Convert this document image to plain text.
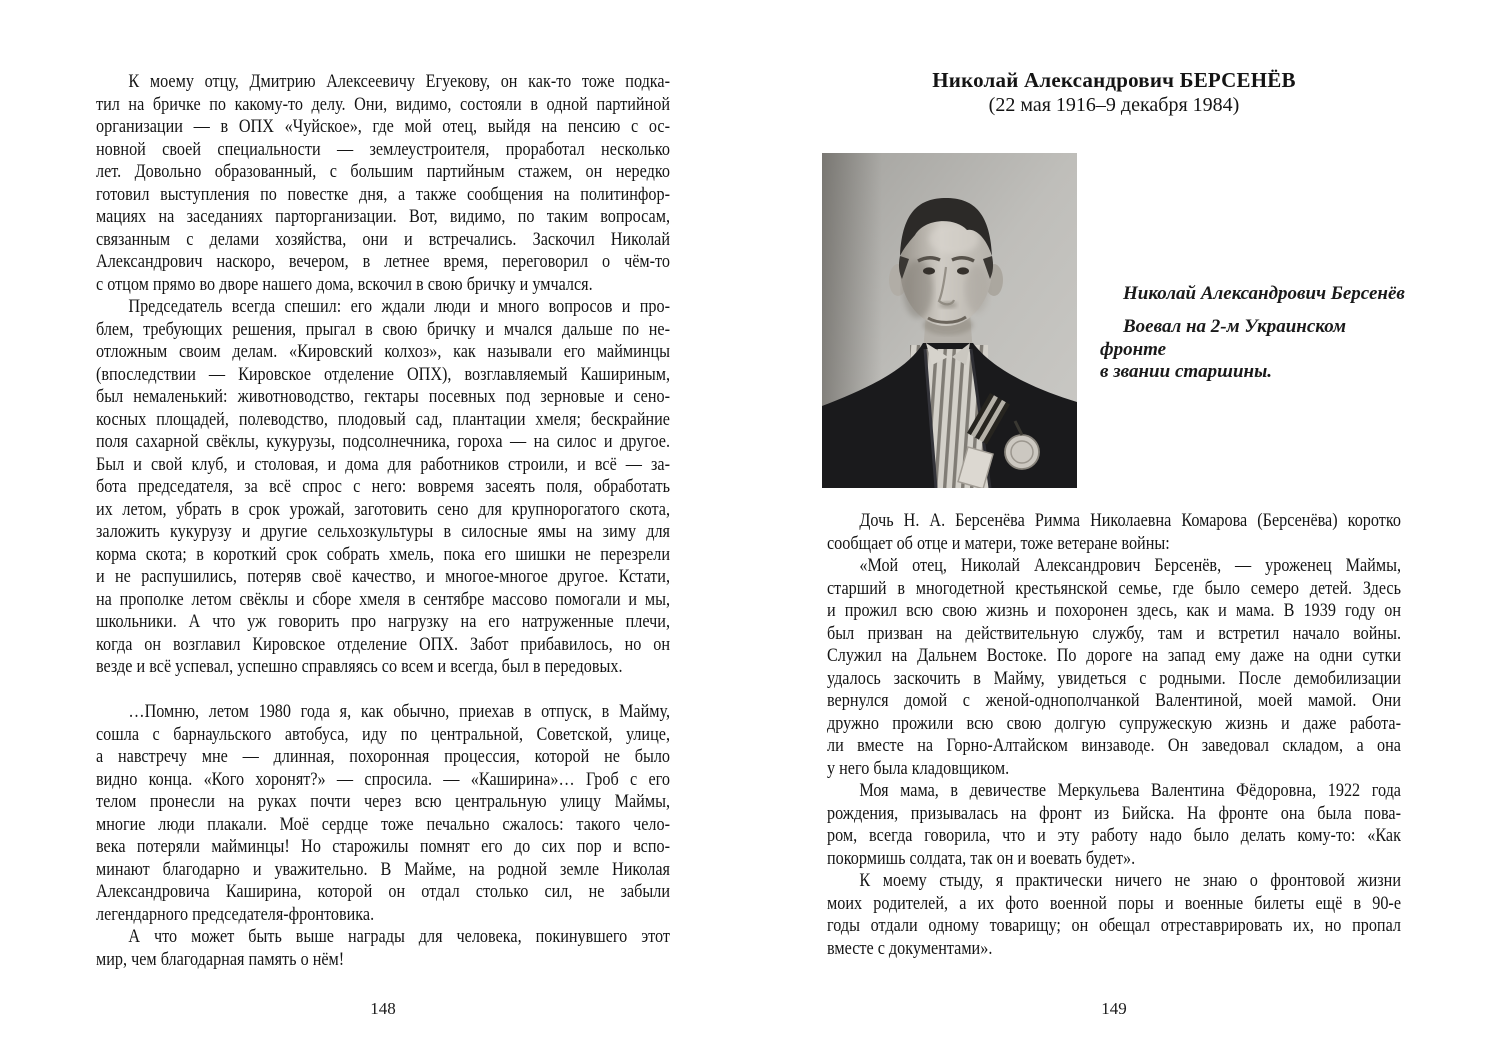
К моему отцу, Дмитрию Алексеевичу Егуекову, он как-то тоже подка-
тил на бричке по какому-то делу. Они, видимо, состояли в одной партийной
организации — в ОПХ «Чуйское», где мой отец, выйдя на пенсию с ос-
новной своей специальности — землеустроителя, проработал несколько
лет. Довольно образованный, с большим партийным стажем, он нередко
готовил выступления по повестке дня, а также сообщения на политинфор-
мациях на заседаниях парторганизации. Вот, видимо, по таким вопросам,
связанным с делами хозяйства, они и встречались. Заскочил Николай
Александрович наскоро, вечером, в летнее время, переговорил о чём-то
с отцом прямо во дворе нашего дома, вскочил в свою бричку и умчался.
Председатель всегда спешил: его ждали люди и много вопросов и про-
блем, требующих решения, прыгал в свою бричку и мчался дальше по не-
отложным своим делам. «Кировский колхоз», как называли его майминцы
(впоследствии — Кировское отделение ОПХ), возглавляемый Кашириным,
был немаленький: животноводство, гектары посевных под зерновые и сено-
косных площадей, полеводство, плодовый сад, плантации хмеля; бескрайние
поля сахарной свёклы, кукурузы, подсолнечника, гороха — на силос и другое.
Был и свой клуб, и столовая, и дома для работников строили, и всё — за-
бота председателя, за всё спрос с него: вовремя засеять поля, обработать
их летом, убрать в срок урожай, заготовить сено для крупнорогатого скота,
заложить кукурузу и другие сельхозкультуры в силосные ямы на зиму для
корма скота; в короткий срок собрать хмель, пока его шишки не перезрели
и не распушились, потеряв своё качество, и многое-многое другое. Кстати,
на прополке летом свёклы и сборе хмеля в сентябре массово помогали и мы,
школьники. А что уж говорить про нагрузку на его натруженные плечи,
когда он возглавил Кировское отделение ОПХ. Забот прибавилось, но он
везде и всё успевал, успешно справляясь со всем и всегда, был в передовых.
…Помню, летом 1980 года я, как обычно, приехав в отпуск, в Майму,
сошла с барнаульского автобуса, иду по центральной, Советской, улице,
а навстречу мне — длинная, похоронная процессия, которой не было
видно конца. «Кого хоронят?» — спросила. — «Каширина»… Гроб с его
телом пронесли на руках почти через всю центральную улицу Маймы,
многие люди плакали. Моё сердце тоже печально сжалось: такого чело-
века потеряли майминцы! Но старожилы помнят его до сих пор и вспо-
минают благодарно и уважительно. В Майме, на родной земле Николая
Александровича Каширина, которой он отдал столько сил, не забыли
легендарного председателя-фронтовика.
А что может быть выше награды для человека, покинувшего этот
мир, чем благодарная память о нём!
148
Николай Александрович БЕРСЕНЁВ
(22 мая 1916–9 декабря 1984)
Николай Александрович Берсенёв
Воевал на 2-м Украинском фронте
в звании старшины.
Дочь Н. А. Берсенёва Римма Николаевна Комарова (Берсенёва) коротко
сообщает об отце и матери, тоже ветеране войны:
«Мой отец, Николай Александрович Берсенёв, — уроженец Маймы,
старший в многодетной крестьянской семье, где было семеро детей. Здесь
и прожил всю свою жизнь и похоронен здесь, как и мама. В 1939 году он
был призван на действительную службу, там и встретил начало войны.
Служил на Дальнем Востоке. По дороге на запад ему даже на одни сутки
удалось заскочить в Майму, увидеться с родными. После демобилизации
вернулся домой с женой-однополчанкой Валентиной, моей мамой. Они
дружно прожили всю свою долгую супружескую жизнь и даже работа-
ли вместе на Горно-Алтайском винзаводе. Он заведовал складом, а она
у него была кладовщиком.
Моя мама, в девичестве Меркульева Валентина Фёдоровна, 1922 года
рождения, призывалась на фронт из Бийска. На фронте она была пова-
ром, всегда говорила, что и эту работу надо было делать кому-то: «Как
покормишь солдата, так он и воевать будет».
К моему стыду, я практически ничего не знаю о фронтовой жизни
моих родителей, а их фото военной поры и военные билеты ещё в 90-е
годы отдали одному товарищу; он обещал отреставрировать их, но пропал
вместе с документами».
149
